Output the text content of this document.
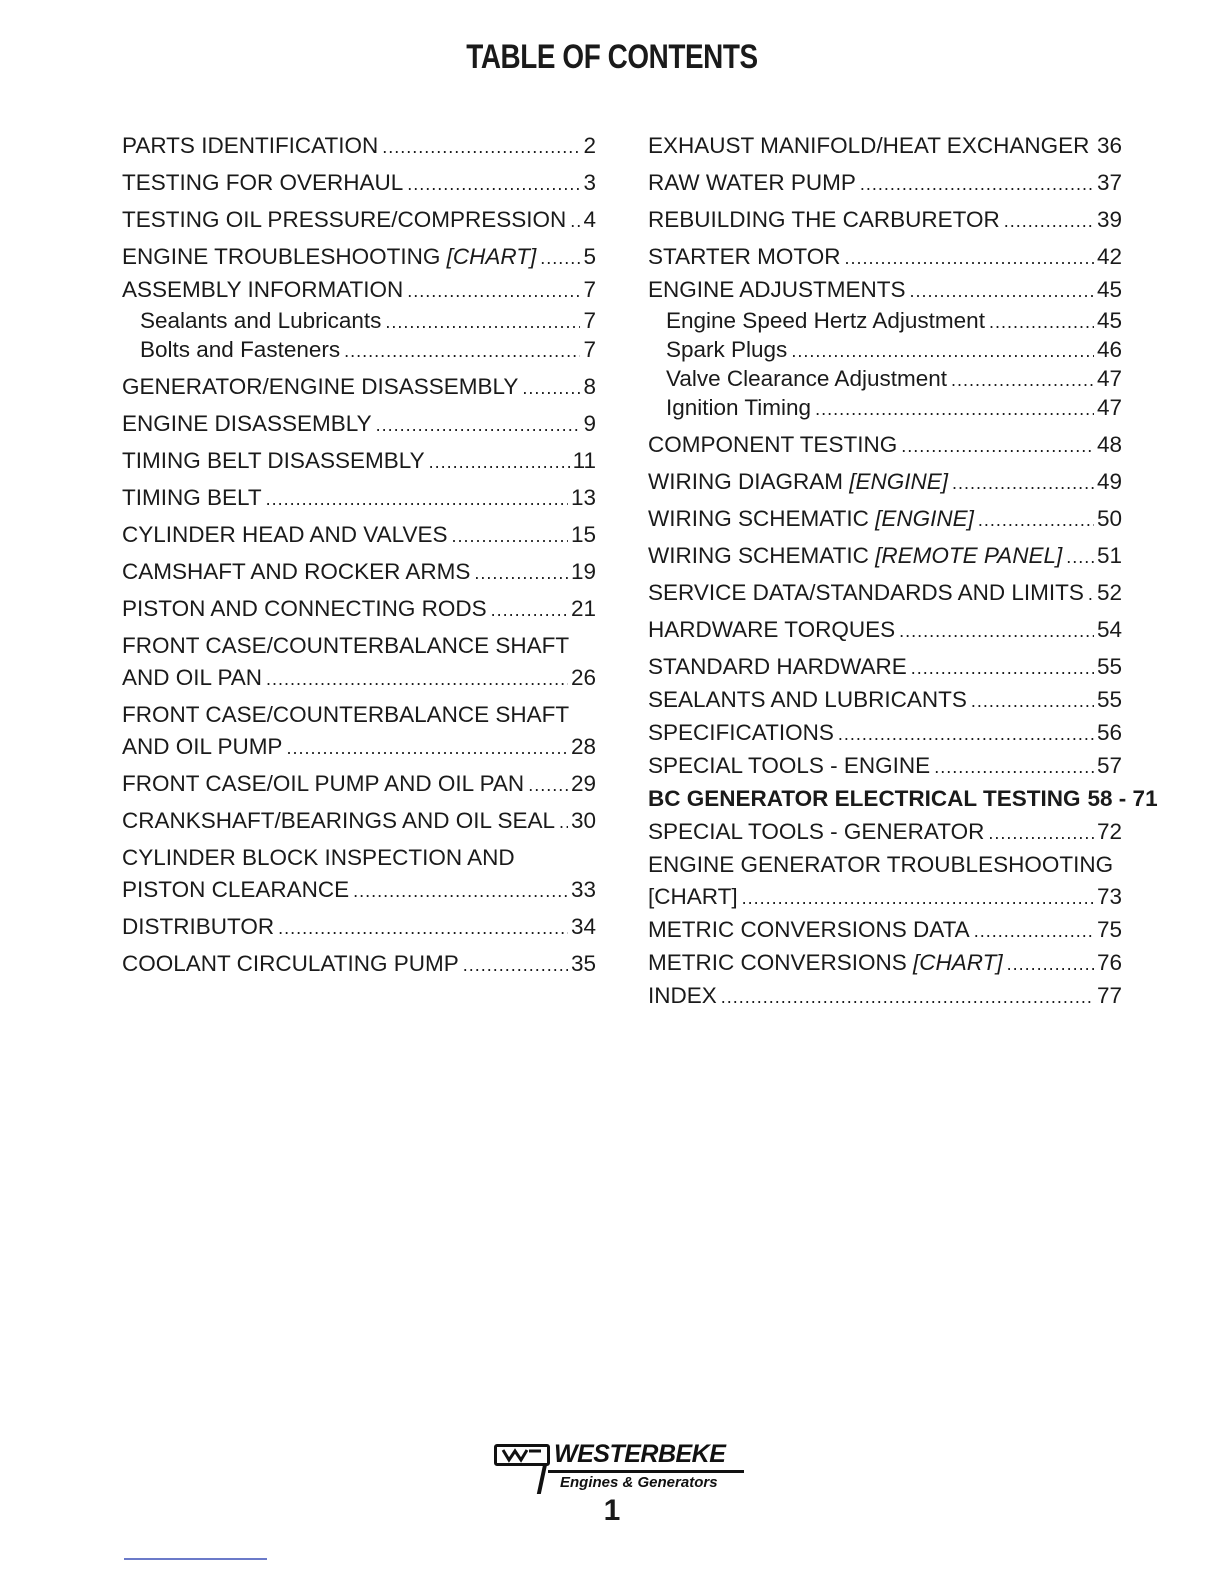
TABLE OF CONTENTS
PARTS IDENTIFICATION .....	2
TESTING FOR OVERHAUL .....	3
TESTING OIL PRESSURE/COMPRESSION ..... 4
ENGINE TROUBLESHOOTING [CHART] ..... 5
ASSEMBLY INFORMATION .....	7
Sealants and Lubricants .....	7
Bolts and Fasteners .....	7
GENERATOR/ENGINE DISASSEMBLY .....	8
ENGINE DISASSEMBLY .....	9
TIMING BELT DISASSEMBLY .....	11
TIMING BELT .....	13
CYLINDER HEAD AND VALVES .....	15
CAMSHAFT AND ROCKER ARMS .....	19
PISTON AND CONNECTING RODS .....	21
FRONT CASE/COUNTERBALANCE SHAFT
AND OIL PAN .....	26
FRONT CASE/COUNTERBALANCE SHAFT
AND OIL PUMP .....	28
FRONT CASE/OIL PUMP AND OIL PAN ..... 29
CRANKSHAFT/BEARINGS AND OIL SEAL ..... 30
CYLINDER BLOCK INSPECTION AND
PISTON CLEARANCE .....	33
DISTRIBUTOR .....	34
COOLANT CIRCULATING PUMP .....	35
EXHAUST MANIFOLD/HEAT EXCHANGER ..... 36
RAW WATER PUMP .....	37
REBUILDING THE CARBURETOR .....	39
STARTER MOTOR .....	42
ENGINE ADJUSTMENTS .....	45
Engine Speed Hertz Adjustment .....	45
Spark Plugs .....	46
Valve Clearance Adjustment .....	47
Ignition Timing .....	47
COMPONENT TESTING .....	48
WIRING DIAGRAM [ENGINE] .....	49
WIRING SCHEMATIC [ENGINE] .....	50
WIRING SCHEMATIC [REMOTE PANEL] ..... 51
SERVICE DATA/STANDARDS AND LIMITS ..... 52
HARDWARE TORQUES .....	54
STANDARD HARDWARE .....	55
SEALANTS AND LUBRICANTS .....	55
SPECIFICATIONS .....	56
SPECIAL TOOLS - ENGINE .....	57
BC GENERATOR ELECTRICAL TESTING 58 - 71
SPECIAL TOOLS - GENERATOR .....	72
ENGINE GENERATOR TROUBLESHOOTING
[CHART] .....	73
METRIC CONVERSIONS DATA .....	75
METRIC CONVERSIONS [CHART] .....	76
INDEX .....	77
WESTERBEKE
Engines & Generators
1
